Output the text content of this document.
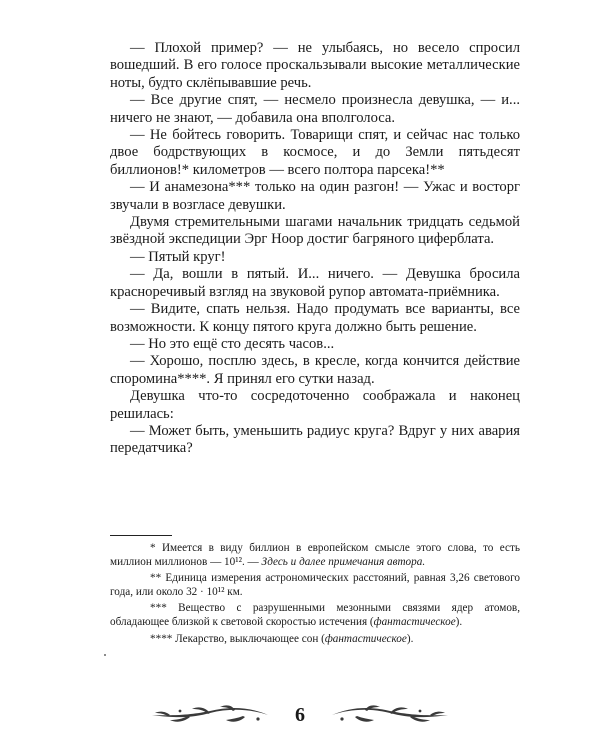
— Плохой пример? — не улыбаясь, но весело спросил вошедший. В его голосе проскальзывали высокие металлические ноты, будто склёпывавшие речь.

— Все другие спят, — несмело произнесла девушка, — и... ничего не знают, — добавила она вполголоса.

— Не бойтесь говорить. Товарищи спят, и сейчас нас только двое бодрствующих в космосе, и до Земли пятьдесят биллионов!* километров — всего полтора парсека!**

— И анамезона*** только на один разгон! — Ужас и восторг звучали в возгласе девушки.

Двумя стремительными шагами начальник тридцать седьмой звёздной экспедиции Эрг Ноор достиг багряного циферблата.

— Пятый круг!

— Да, вошли в пятый. И... ничего. — Девушка бросила красноречивый взгляд на звуковой рупор автомата-приёмника.

— Видите, спать нельзя. Надо продумать все варианты, все возможности. К концу пятого круга должно быть решение.

— Но это ещё сто десять часов...

— Хорошо, посплю здесь, в кресле, когда кончится действие споромина****. Я принял его сутки назад.

Девушка что-то сосредоточенно соображала и наконец решилась:

— Может быть, уменьшить радиус круга? Вдруг у них авария передатчика?

* Имеется в виду биллион в европейском смысле этого слова, то есть миллион миллионов — 10¹². — Здесь и далее примечания автора.

** Единица измерения астрономических расстояний, равная 3,26 светового года, или около 32 · 10¹² км.

*** Вещество с разрушенными мезонными связями ядер атомов, обладающее близкой к световой скоростью истечения (фантастическое).

**** Лекарство, выключающее сон (фантастическое).

6
